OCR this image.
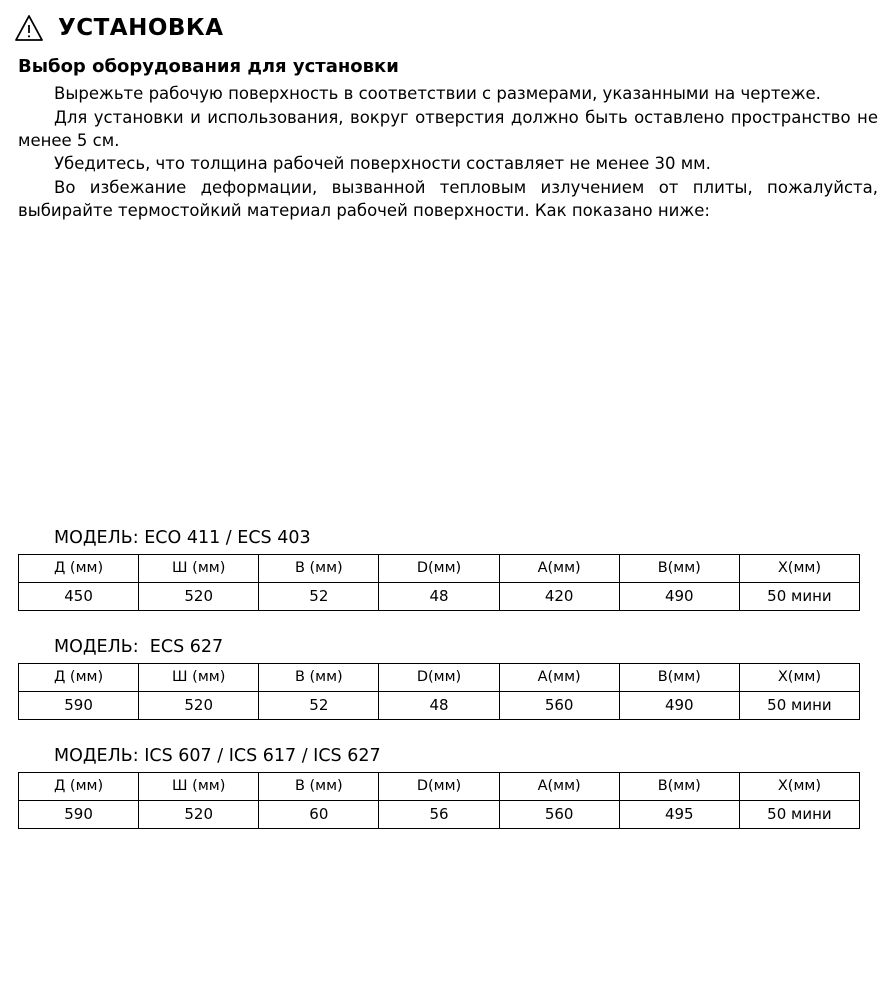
УСТАНОВКА
Выбор оборудования для установки

Вырежьте рабочую поверхность в соответствии с размерами, указанными на чертеже.

Для установки и использования, вокруг отверстия должно быть оставлено пространство не менее 5 см.

Убедитесь, что толщина рабочей поверхности составляет не менее 30 мм.

Во избежание деформации, вызванной тепловым излучением от плиты, пожалуйста, выбирайте термостойкий материал рабочей поверхности. Как показано ниже:

МОДЕЛЬ: ECO 411 / ECS 403
Д (мм)	Ш (мм)	В (мм)	D(мм)	A(мм)	B(мм)	X(мм)
450	520	52	48	420	490	50 мини
МОДЕЛЬ:  ECS 627
Д (мм)	Ш (мм)	В (мм)	D(мм)	A(мм)	B(мм)	X(мм)
590	520	52	48	560	490	50 мини
МОДЕЛЬ: ICS 607 / ICS 617 / ICS 627
Д (мм)	Ш (мм)	В (мм)	D(мм)	A(мм)	B(мм)	X(мм)
590	520	60	56	560	495	50 мини
